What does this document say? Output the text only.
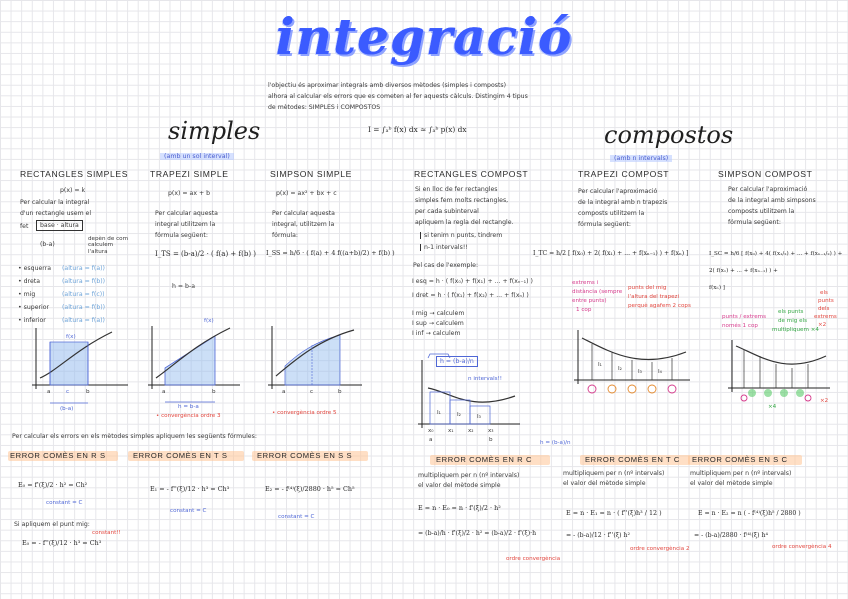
integració
l'objectiu és aproximar integrals amb diversos mètodes (simples i composts)
alhora al calcular els errors que es cometen al fer aquests càlculs. Distingim 4 tipus
de mètodes: SIMPLES i COMPOSTOS
I = ∫ₐᵇ f(x) dx ≈ ∫ₐᵇ p(x) dx
simples
(amb un sol interval)
compostos
(amb n intervals)
RECTANGLES SIMPLES
p(x) = k
Per calcular la integral
d'un rectangle usem el
fet	base · altura
(b-a)
depèn de com calculem l'altura
• esquerra (altura = f(a))
• dreta	(altura = f(b))
• mig	(altura = f(c))
• superior (altura = f(b))
• inferior	(altura = f(a))
TRAPEZI SIMPLE
p(x) = ax + b
Per calcular aquesta
integral utilitzem la
fórmula següent:
I_TS = (b-a)/2 · ( f(a) + f(b) )
h = b-a
SIMPSON SIMPLE
p(x) = ax² + bx + c
Per calcular aquesta
integral, utilitzem la
fórmula:
I_SS = h/6 · ( f(a) + 4 f((a+b)/2) + f(b) )
RECTANGLES COMPOST
Si en lloc de fer rectangles
simples fem molts rectangles,
per cada subinterval
apliquem la regla del rectangle.
si tenim n punts, tindrem
n-1 intervals!!
Pel cas de l'exemple:
I esq = h · ( f(x₀) + f(x₁) + ... + f(xₙ₋₁) )
I dret = h · ( f(x₁) + f(x₂) + ... + f(xₙ) )
I mig → calculem
I sup → calculem
I inf → calculem
h = (b-a)/n
n intervals!!
TRAPEZI COMPOST
Per calcular l'aproximació
de la integral amb n trapezis
composts utilitzem la
fórmula següent:
I_TC = h/2 [ f(x₀) + 2( f(x₁) + ... + f(xₙ₋₁) ) + f(xₙ) ]
extrems i
distància (sempre
entre punts)
1 cop
punts del mig
l'altura del trapezi
perquè agafem 2 cops
SIMPSON COMPOST
Per calcular l'aproximació
de la integral amb simpsons
composts utilitzem la
fórmula següent:
I_SC = h/6 [ f(x₀) + 4( f(x₁/₂) + ... + f(xₙ₋₁/₂) ) +
2( f(x₁) + ... + f(xₙ₋₁) ) +
f(xₙ) ]
punts / extrems
només 1 cop
els punts
de mig els
multipliquem ×4
els
punts
dels
extrems
×2
f(x)
a	c	b
(b-a)
f(x)
a	b
h = b-a
• convergència ordre 3
a	c	b
• convergència ordre 5
x₀	x₁	x₂	x₃
a	b
I₁	I₂	I₃
I₁
I₂	I₃	I₄
×4
×2
h = (b-a)/n
Per calcular els errors en els mètodes simples apliquem les següents fórmules:
ERROR COMÈS EN R S
E₀ = f'(ξ)/2 · h² = Ch²
constant = C
ERROR COMÈS EN T S
E₁ = - f''(ξ)/12 · h³ = Ch³
constant = C
ERROR COMÈS EN S S
E₂ = - f⁽⁴⁾(ξ)/2880 · h⁵ = Ch⁵
constant = C
Si apliquem el punt mig:
E₀ = - f''(ξ)/12 · h³ = Ch³
constant!!
ERROR COMÈS EN R C
multipliquem per n (nº intervals)
el valor del mètode simple
E = n · E₀ = n · f'(ξ)/2 · h²
= (b-a)/h · f'(ξ)/2 · h² = (b-a)/2 · f'(ξ)·h
ordre convergència
ERROR COMÈS EN T C
multipliquem per n (nº intervals)
el valor del mètode simple
E = n · E₁ = n · ( f''(ξ)h³ / 12 )
= - (b-a)/12 · f''(ξ) h²
ordre convergència 2
ERROR COMÈS EN S C
multipliquem per n (nº intervals)
el valor del mètode simple
E = n · E₂ = n ( - f⁽⁴⁾(ξ)h⁵ / 2880 )
= - (b-a)/2880 · f⁽⁴⁾(ξ) h⁴
ordre convergència 4
